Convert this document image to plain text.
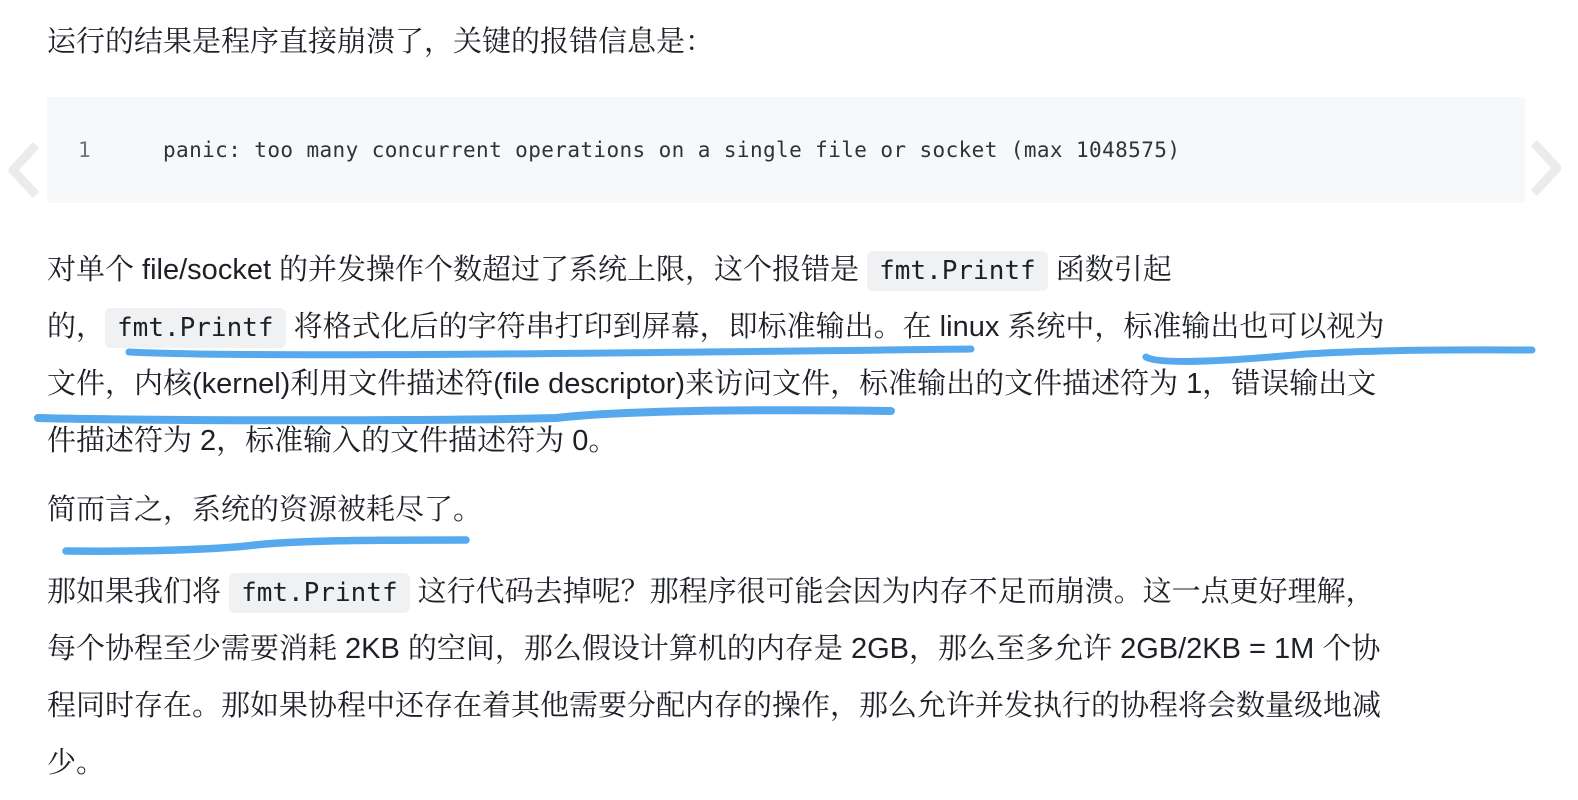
运行的结果是程序直接崩溃了，关键的报错信息是：
1	panic: too many concurrent operations on a single file or socket (max 1048575)
对单个 file/socket 的并发操作个数超过了系统上限，这个报错是 fmt.Printf 函数引起
的， fmt.Printf 将格式化后的字符串打印到屏幕，即标准输出。在 linux 系统中，标准输出也可以视为
文件，内核(kernel)利用文件描述符(file descriptor)来访问文件，标准输出的文件描述符为 1，错误输出文
件描述符为 2，标准输入的文件描述符为 0。
简而言之，系统的资源被耗尽了。
那如果我们将 fmt.Printf 这行代码去掉呢？那程序很可能会因为内存不足而崩溃。这一点更好理解，
每个协程至少需要消耗 2KB 的空间，那么假设计算机的内存是 2GB，那么至多允许 2GB/2KB = 1M 个协
程同时存在。那如果协程中还存在着其他需要分配内存的操作，那么允许并发执行的协程将会数量级地减
少。
